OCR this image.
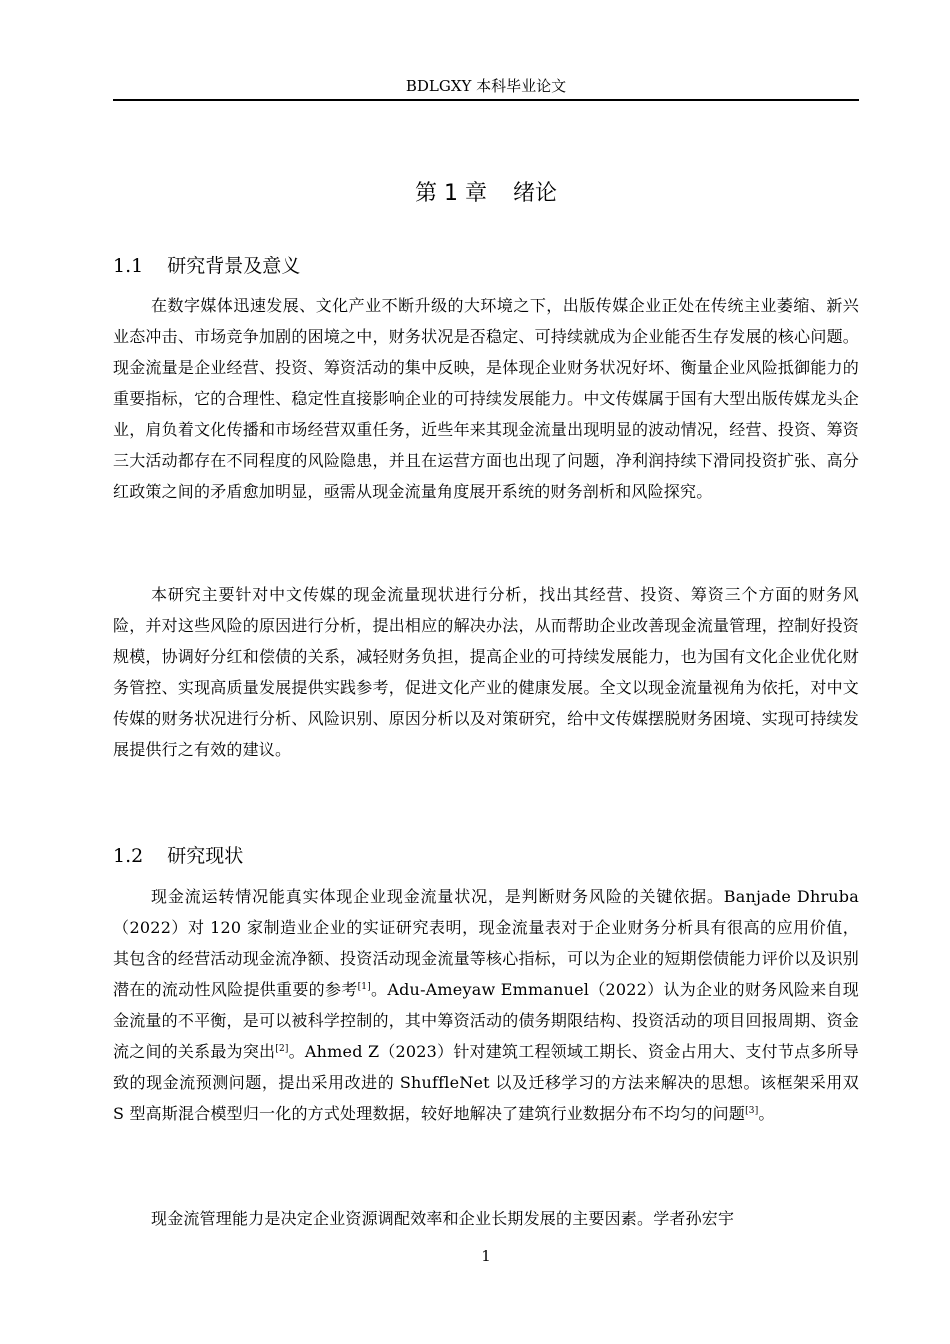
BDLGXY 本科毕业论文
第 1 章 绪论
1.1 研究背景及意义

在数字媒体迅速发展、文化产业不断升级的大环境之下，出版传媒企业正处在传统主业萎缩、新兴业态冲击、市场竞争加剧的困境之中，财务状况是否稳定、可持续就成为企业能否生存发展的核心问题。现金流量是企业经营、投资、筹资活动的集中反映，是体现企业财务状况好坏、衡量企业风险抵御能力的重要指标，它的合理性、稳定性直接影响企业的可持续发展能力。中文传媒属于国有大型出版传媒龙头企业，肩负着文化传播和市场经营双重任务，近些年来其现金流量出现明显的波动情况，经营、投资、筹资三大活动都存在不同程度的风险隐患，并且在运营方面也出现了问题，净利润持续下滑同投资扩张、高分红政策之间的矛盾愈加明显，亟需从现金流量角度展开系统的财务剖析和风险探究。

本研究主要针对中文传媒的现金流量现状进行分析，找出其经营、投资、筹资三个方面的财务风险，并对这些风险的原因进行分析，提出相应的解决办法，从而帮助企业改善现金流量管理，控制好投资规模，协调好分红和偿债的关系，减轻财务负担，提高企业的可持续发展能力，也为国有文化企业优化财务管控、实现高质量发展提供实践参考，促进文化产业的健康发展。全文以现金流量视角为依托，对中文传媒的财务状况进行分析、风险识别、原因分析以及对策研究，给中文传媒摆脱财务困境、实现可持续发展提供行之有效的建议。

1.2 研究现状

现金流运转情况能真实体现企业现金流量状况，是判断财务风险的关键依据。Banjade Dhruba（2022）对 120 家制造业企业的实证研究表明，现金流量表对于企业财务分析具有很高的应用价值，其包含的经营活动现金流净额、投资活动现金流量等核心指标，可以为企业的短期偿债能力评价以及识别潜在的流动性风险提供重要的参考[1]。Adu-Ameyaw Emmanuel（2022）认为企业的财务风险来自现金流量的不平衡，是可以被科学控制的，其中筹资活动的债务期限结构、投资活动的项目回报周期、资金流之间的关系最为突出[2]。Ahmed Z（2023）针对建筑工程领域工期长、资金占用大、支付节点多所导致的现金流预测问题，提出采用改进的 ShuffleNet 以及迁移学习的方法来解决的思想。该框架采用双 S 型高斯混合模型归一化的方式处理数据，较好地解决了建筑行业数据分布不均匀的问题[3]。

现金流管理能力是决定企业资源调配效率和企业长期发展的主要因素。学者孙宏宇

1
